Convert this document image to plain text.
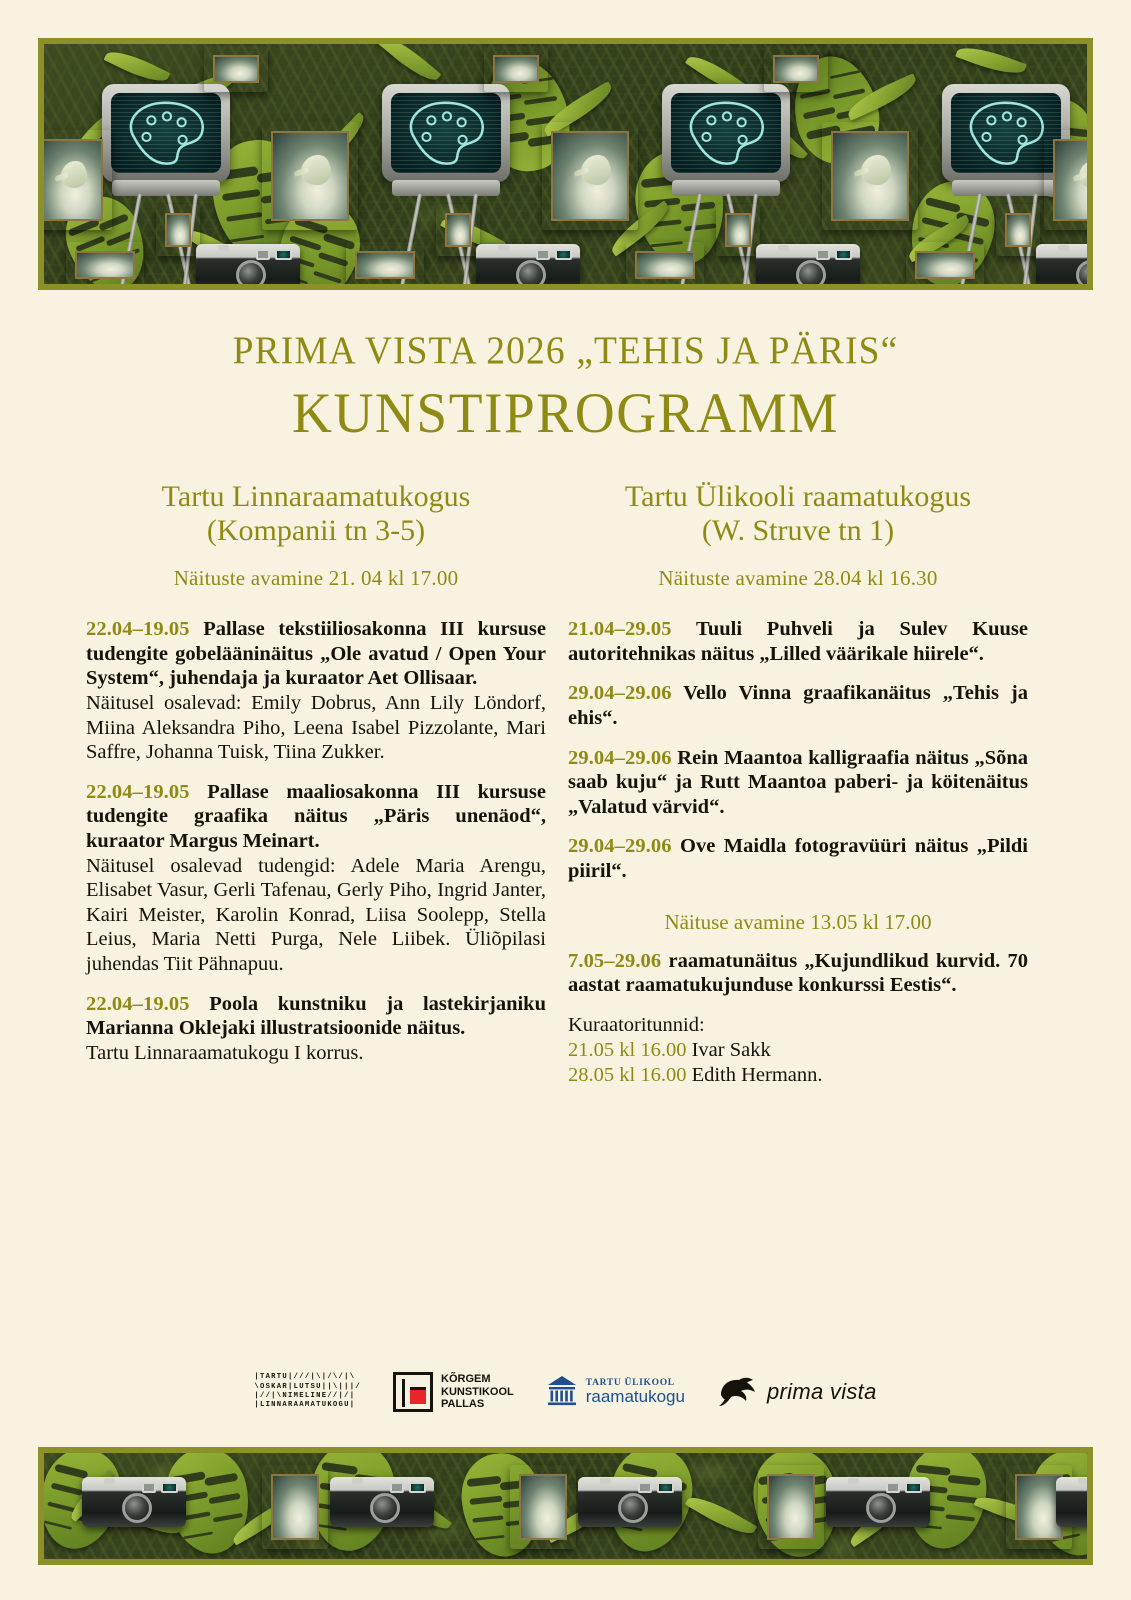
PRIMA VISTA 2026 „TEHIS JA PÄRIS“
KUNSTIPROGRAMM
Tartu Linnaraamatukogus
(Kompanii tn 3-5)
Näituste avamine 21. 04 kl 17.00

22.04–19.05 Pallase tekstiiliosakonna III kursuse tudengite gobelääninäitus „Ole avatud / Open Your System“, juhendaja ja kuraator Aet Ollisaar.

Näitusel osalevad: Emily Dobrus, Ann Lily Löndorf, Miina Aleksandra Piho, Leena Isabel Pizzolante, Mari Saffre, Johanna Tuisk, Tiina Zukker.

22.04–19.05 Pallase maaliosakonna III kursuse tudengite graafika näitus „Päris unenäod“, kuraator Margus Meinart.

Näitusel osalevad tudengid: Adele Maria Arengu, Elisabet Vasur, Gerli Tafenau, Gerly Piho, Ingrid Janter, Kairi Meister, Karolin Konrad, Liisa Soolepp, Stella Leius, Maria Netti Purga, Nele Liibek. Üliõpilasi juhendas Tiit Pähnapuu.

22.04–19.05 Poola kunstniku ja lastekirjaniku Marianna Oklejaki illustratsioonide näitus.

Tartu Linnaraamatukogu I korrus.

Tartu Ülikooli raamatukogus
(W. Struve tn 1)
Näituste avamine 28.04 kl 16.30

21.04–29.05 Tuuli Puhveli ja Sulev Kuuse autoritehnikas näitus „Lilled väärikale hiirele“.

29.04–29.06 Vello Vinna graafikanäitus „Tehis ja ehis“.

29.04–29.06 Rein Maantoa kalligraafia näitus „Sõna saab kuju“ ja Rutt Maantoa paberi- ja köitenäitus „Valatud värvid“.

29.04–29.06 Ove Maidla fotogravüüri näitus „Pildi piiril“.

Näituse avamine 13.05 kl 17.00

7.05–29.06 raamatunäitus „Kujundlikud kurvid. 70 aastat raamatukujunduse konkurssi Eestis“.

Kuraatoritunnid:
21.05 kl 16.00 Ivar Sakk
28.05 kl 16.00 Edith Hermann.
|TARTU|///|\|/\/|\
\OSKAR|LUTSU||\|||/
|//|\NIMELINE//|/|
|LINNARAAMATUKOGU|
KÕRGEM
KUNSTIKOOL
PALLAS
TARTU ÜLIKOOL
raamatukogu	prima vista
